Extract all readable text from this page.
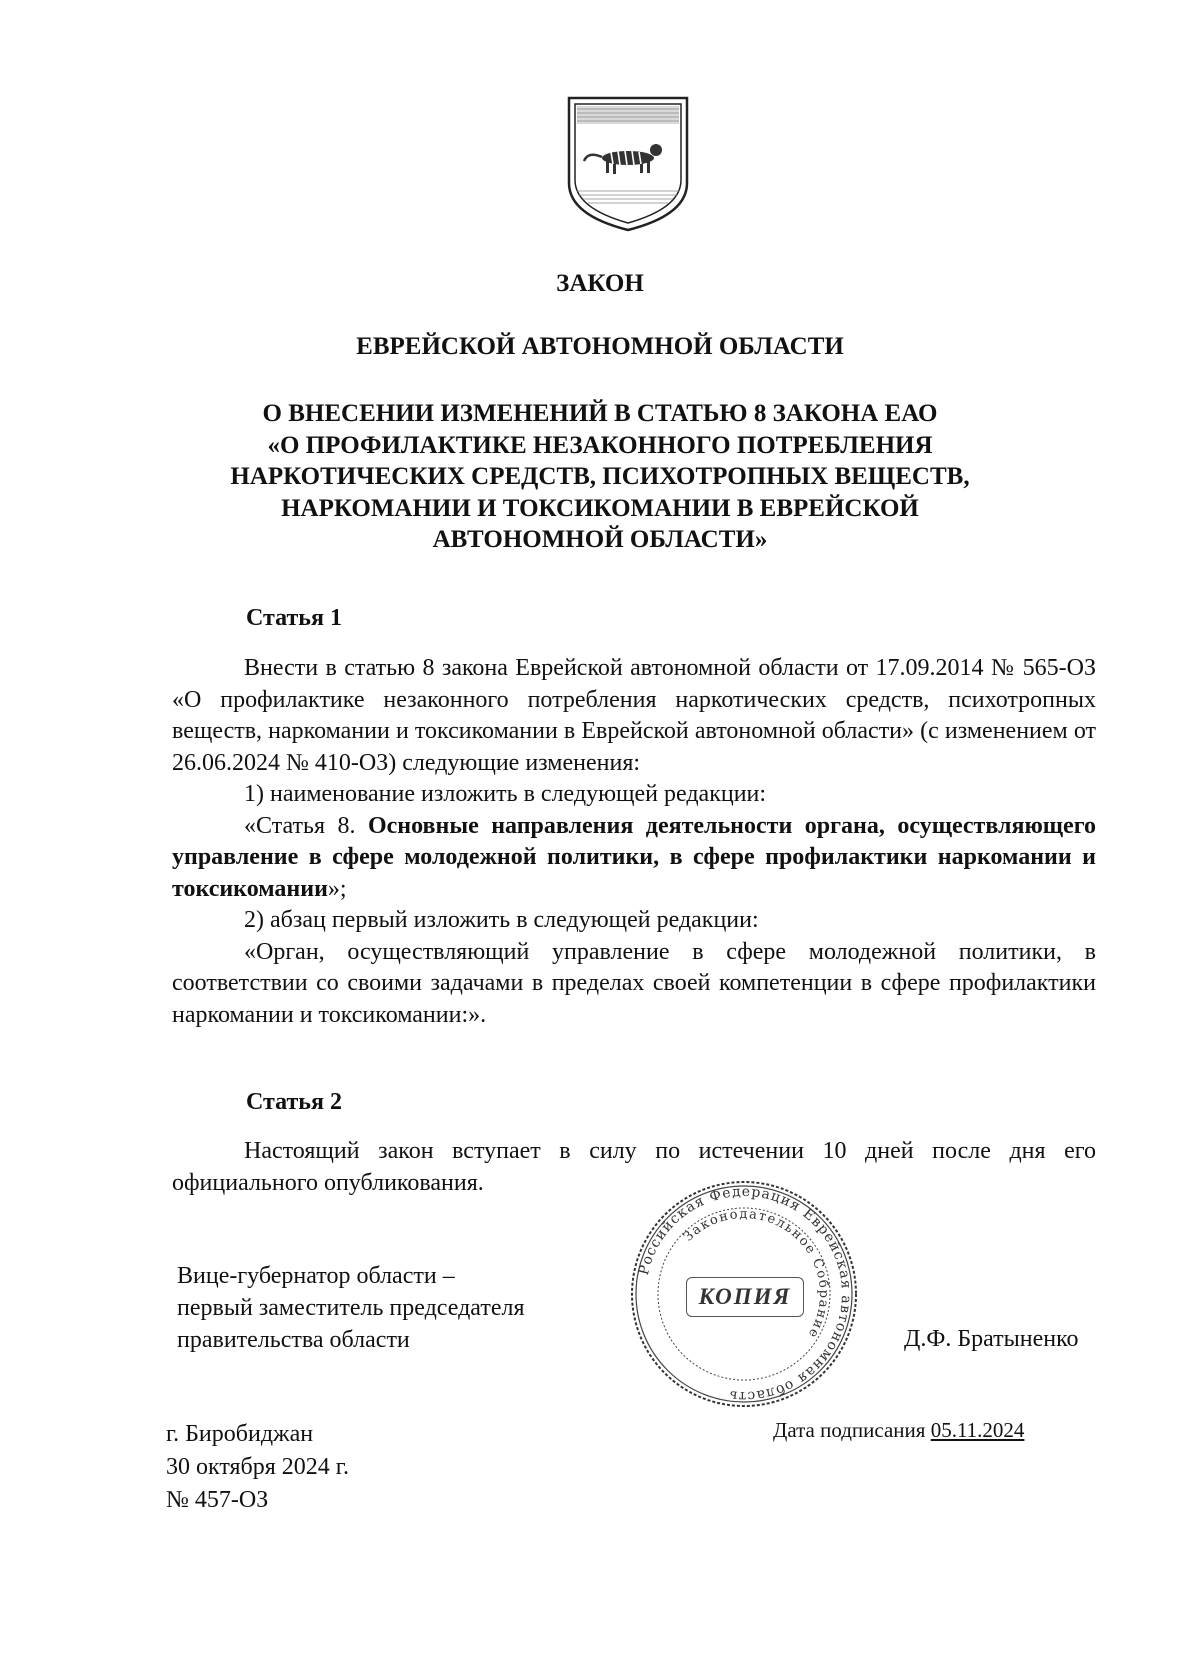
ЗАКОН
ЕВРЕЙСКОЙ АВТОНОМНОЙ ОБЛАСТИ
О ВНЕСЕНИИ ИЗМЕНЕНИЙ В СТАТЬЮ 8 ЗАКОНА ЕАО
«О ПРОФИЛАКТИКЕ НЕЗАКОННОГО ПОТРЕБЛЕНИЯ
НАРКОТИЧЕСКИХ СРЕДСТВ, ПСИХОТРОПНЫХ ВЕЩЕСТВ,
НАРКОМАНИИ И ТОКСИКОМАНИИ В ЕВРЕЙСКОЙ
АВТОНОМНОЙ ОБЛАСТИ»
Статья 1

Внести в статью 8 закона Еврейской автономной области от 17.09.2014 № 565-ОЗ «О профилактике незаконного потребления наркотических средств, психотропных веществ, наркомании и токсикомании в Еврейской автономной области» (с изменением от 26.06.2024 № 410-ОЗ) следующие изменения:

1) наименование изложить в следующей редакции:

«Статья 8. Основные направления деятельности органа, осуществляющего управление в сфере молодежной политики, в сфере профилактики наркомании и токсикомании»;

2) абзац первый изложить в следующей редакции:

«Орган, осуществляющий управление в сфере молодежной политики, в соответствии со своими задачами в пределах своей компетенции в сфере профилактики наркомании и токсикомании:».

Статья 2

Настоящий закон вступает в силу по истечении 10 дней после дня его официального опубликования.

Вице-губернатор области –
первый заместитель председателя
правительства области	Д.Ф. Братыненко
Российская Федерация Еврейская автономная область
Законодательное Собрание
КОПИЯ
г. Биробиджан
30 октября 2024 г.
№ 457-ОЗ
Дата подписания 05.11.2024
